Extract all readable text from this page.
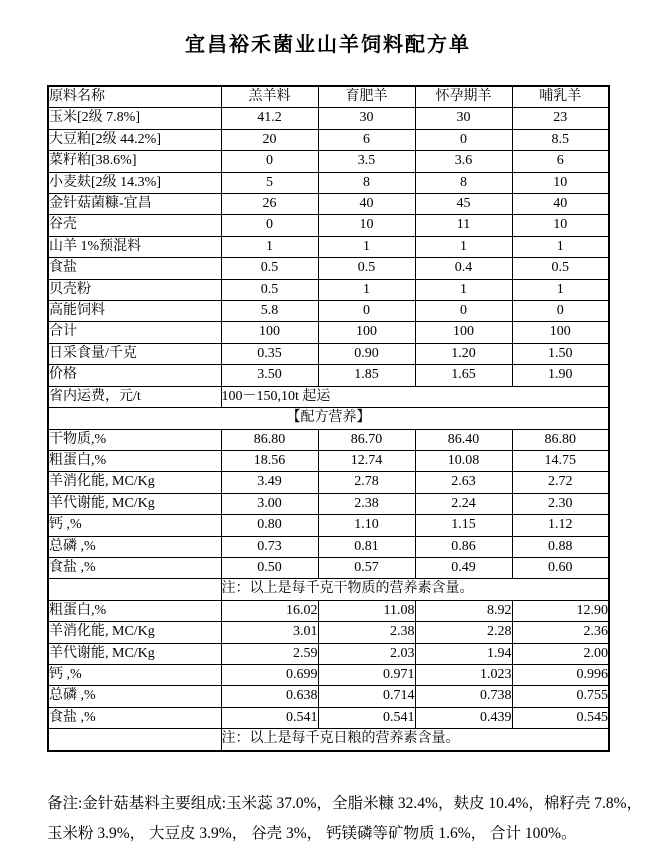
宜昌裕禾菌业山羊饲料配方单
原料名称	羔羊料	育肥羊	怀孕期羊	哺乳羊
玉米[2级 7.8%]	41.2	30	30	23
大豆粕[2级 44.2%]	20	6	0	8.5
菜籽粕[38.6%]	0	3.5	3.6	6
小麦麸[2级 14.3%]	5	8	8	10
金针菇菌糠-宜昌	26	40	45	40
谷壳	0	10	11	10
山羊 1%预混料	1	1	1	1
食盐	0.5	0.5	0.4	0.5
贝壳粉	0.5	1	1	1
高能饲料	5.8	0	0	0
合计	100	100	100	100
日采食量/千克	0.35	0.90	1.20	1.50
价格	3.50	1.85	1.65	1.90
省内运费，元/t	100－150,10t 起运			
【配方营养】				
干物质,%	86.80	86.70	86.40	86.80
粗蛋白,%	18.56	12.74	10.08	14.75
羊消化能, MC/Kg	3.49	2.78	2.63	2.72
羊代谢能, MC/Kg	3.00	2.38	2.24	2.30
钙 ,%	0.80	1.10	1.15	1.12
总磷 ,%	0.73	0.81	0.86	0.88
食盐 ,%	0.50	0.57	0.49	0.60
	注：以上是每千克干物质的营养素含量。			
粗蛋白,%	16.02	11.08	8.92	12.90
羊消化能, MC/Kg	3.01	2.38	2.28	2.36
羊代谢能, MC/Kg	2.59	2.03	1.94	2.00
钙 ,%	0.699	0.971	1.023	0.996
总磷 ,%	0.638	0.714	0.738	0.755
食盐 ,%	0.541	0.541	0.439	0.545
	注：以上是每千克日粮的营养素含量。			
备注:金针菇基料主要组成:玉米蕊 37.0%，全脂米糠 32.4%，麸皮 10.4%，棉籽壳 7.8%，
玉米粉 3.9%， 大豆皮 3.9%， 谷壳 3%， 钙镁磷等矿物质 1.6%， 合计 100%。
